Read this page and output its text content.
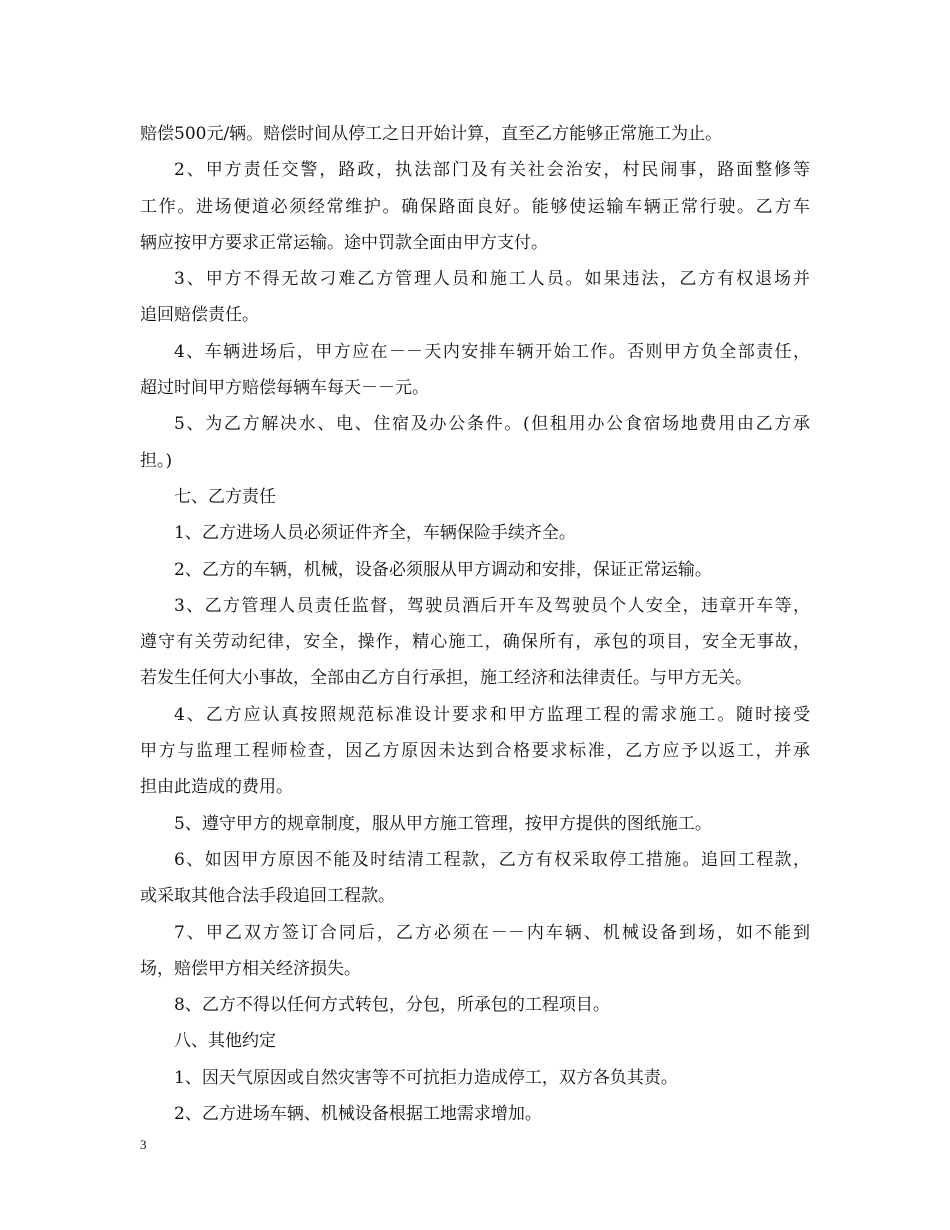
赔偿500元/辆。赔偿时间从停工之日开始计算，直至乙方能够正常施工为止。
2、甲方责任交警，路政，执法部门及有关社会治安，村民闹事，路面整修等
工作。进场便道必须经常维护。确保路面良好。能够使运输车辆正常行驶。乙方车
辆应按甲方要求正常运输。途中罚款全面由甲方支付。
3、甲方不得无故刁难乙方管理人员和施工人员。如果违法，乙方有权退场并
追回赔偿责任。
4、车辆进场后，甲方应在－－天内安排车辆开始工作。否则甲方负全部责任，
超过时间甲方赔偿每辆车每天－－元。
5、为乙方解决水、电、住宿及办公条件。(但租用办公食宿场地费用由乙方承
担。)
七、乙方责任
1、乙方进场人员必须证件齐全，车辆保险手续齐全。
2、乙方的车辆，机械，设备必须服从甲方调动和安排，保证正常运输。
3、乙方管理人员责任监督，驾驶员酒后开车及驾驶员个人安全，违章开车等，
遵守有关劳动纪律，安全，操作，精心施工，确保所有，承包的项目，安全无事故，
若发生任何大小事故，全部由乙方自行承担，施工经济和法律责任。与甲方无关。
4、乙方应认真按照规范标准设计要求和甲方监理工程的需求施工。随时接受
甲方与监理工程师检查，因乙方原因未达到合格要求标准，乙方应予以返工，并承
担由此造成的费用。
5、遵守甲方的规章制度，服从甲方施工管理，按甲方提供的图纸施工。
6、如因甲方原因不能及时结清工程款，乙方有权采取停工措施。追回工程款，
或采取其他合法手段追回工程款。
7、甲乙双方签订合同后，乙方必须在－－内车辆、机械设备到场，如不能到
场，赔偿甲方相关经济损失。
8、乙方不得以任何方式转包，分包，所承包的工程项目。
八、其他约定
1、因天气原因或自然灾害等不可抗拒力造成停工，双方各负其责。
2、乙方进场车辆、机械设备根据工地需求增加。
3
